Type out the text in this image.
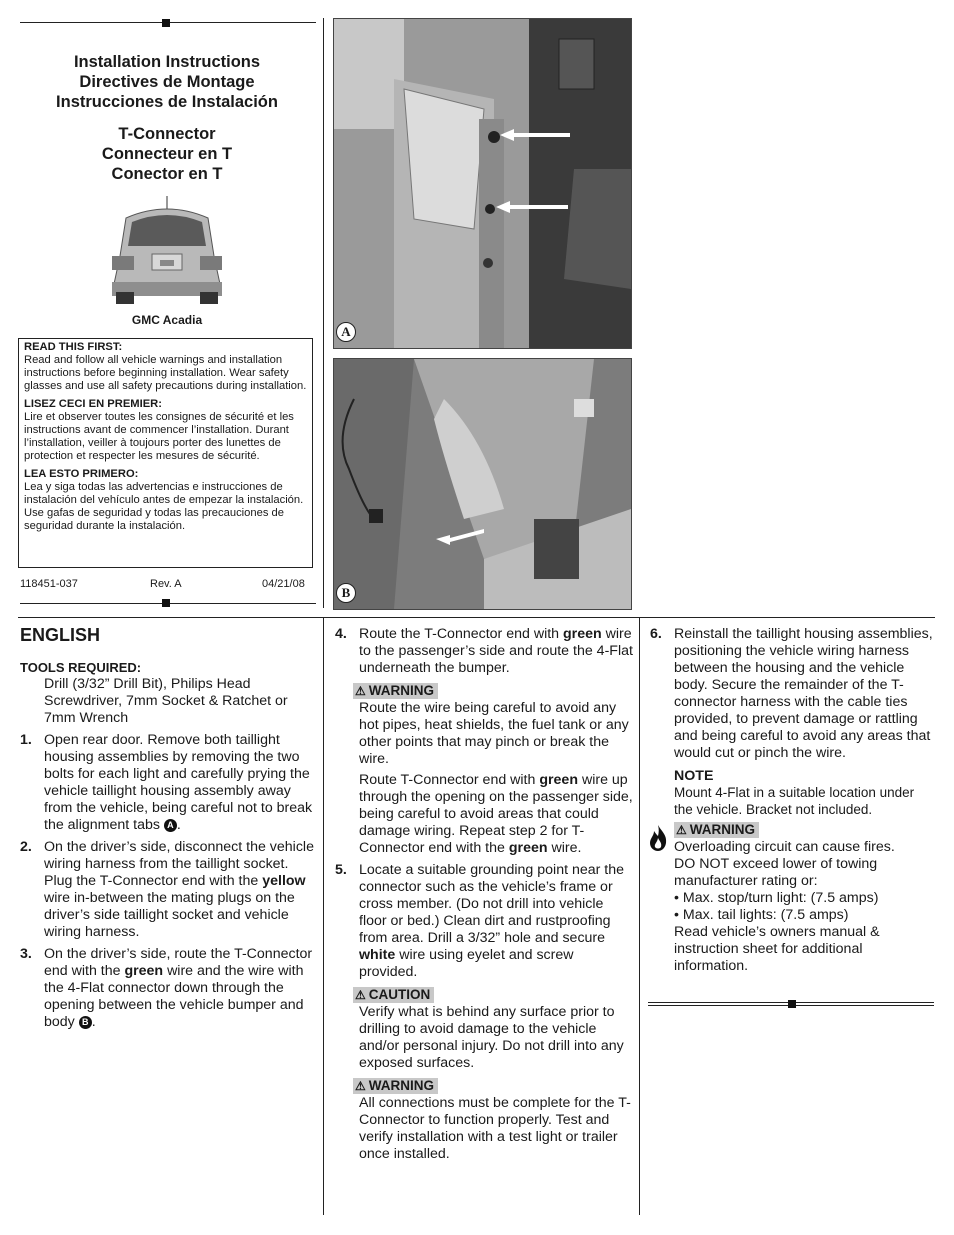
Installation Instructions
Directives de Montage
Instrucciones de Instalación
T-Connector
Connecteur en T
Conector en T
GMC Acadia

READ THIS FIRST:
Read and follow all vehicle warnings and installation instructions before beginning installation. Wear safety glasses and use all safety precautions during installation.

LISEZ CECI EN PREMIER:
Lire et observer toutes les consignes de sécurité et les instructions avant de commencer l’installation. Durant l’installation, veiller à toujours porter des lunettes de protection et respecter les mesures de sécurité.

LEA ESTO PRIMERO:
Lea y siga todas las advertencias e instrucciones de instalación del vehículo antes de empezar la instalación. Use gafas de seguridad y todas las precauciones de seguridad durante la instalación.

118451-037	Rev. A	04/21/08
A
B
ENGLISH
TOOLS REQUIRED:

Drill (3/32” Drill Bit), Philips Head Screwdriver, 7mm Socket & Ratchet or 7mm Wrench

1. Open rear door. Remove both taillight housing assemblies by removing the two bolts for each light and carefully prying the vehicle taillight housing assembly away from the vehicle, being careful not to break the alignment tabs A .
2. On the driver’s side, disconnect the vehicle wiring harness from the taillight socket. Plug the T-Connector end with the yellow wire in-between the mating plugs on the driver’s side taillight socket and vehicle wiring harness.
3. On the driver’s side, route the T-Connector end with the green wire and the wire with the 4-Flat connector down through the opening between the vehicle bumper and body B .
4. Route the T-Connector end with green wire to the passenger’s side and route the 4-Flat underneath the bumper.
⚠ WARNING

Route the wire being careful to avoid any hot pipes, heat shields, the fuel tank or any other points that may pinch or break the wire.

Route T-Connector end with green wire up through the opening on the passenger side, being careful to avoid areas that could damage wiring. Repeat step 2 for T-Connector end with the green wire.

5. Locate a suitable grounding point near the connector such as the vehicle’s frame or cross member. (Do not drill into vehicle floor or bed.) Clean dirt and rustproofing from area. Drill a 3/32” hole and secure white wire using eyelet and screw provided.
⚠ CAUTION

Verify what is behind any surface prior to drilling to avoid damage to the vehicle and/or personal injury. Do not drill into any exposed surfaces.

⚠ WARNING

All connections must be complete for the T-Connector to function properly. Test and verify installation with a test light or trailer once installed.

6. Reinstall the taillight housing assemblies, positioning the vehicle wiring harness between the housing and the vehicle body. Secure the remainder of the T-connector harness with the cable ties provided, to prevent damage or rattling and being careful to avoid any areas that would cut or pinch the wire.
NOTE

Mount 4-Flat in a suitable location under the vehicle. Bracket not included.

⚠ WARNING

Overloading circuit can cause fires.

DO NOT exceed lower of towing manufacturer rating or:

• Max. stop/turn light: (7.5 amps)

• Max. tail lights: (7.5 amps)

Read vehicle’s owners manual & instruction sheet for additional information.
